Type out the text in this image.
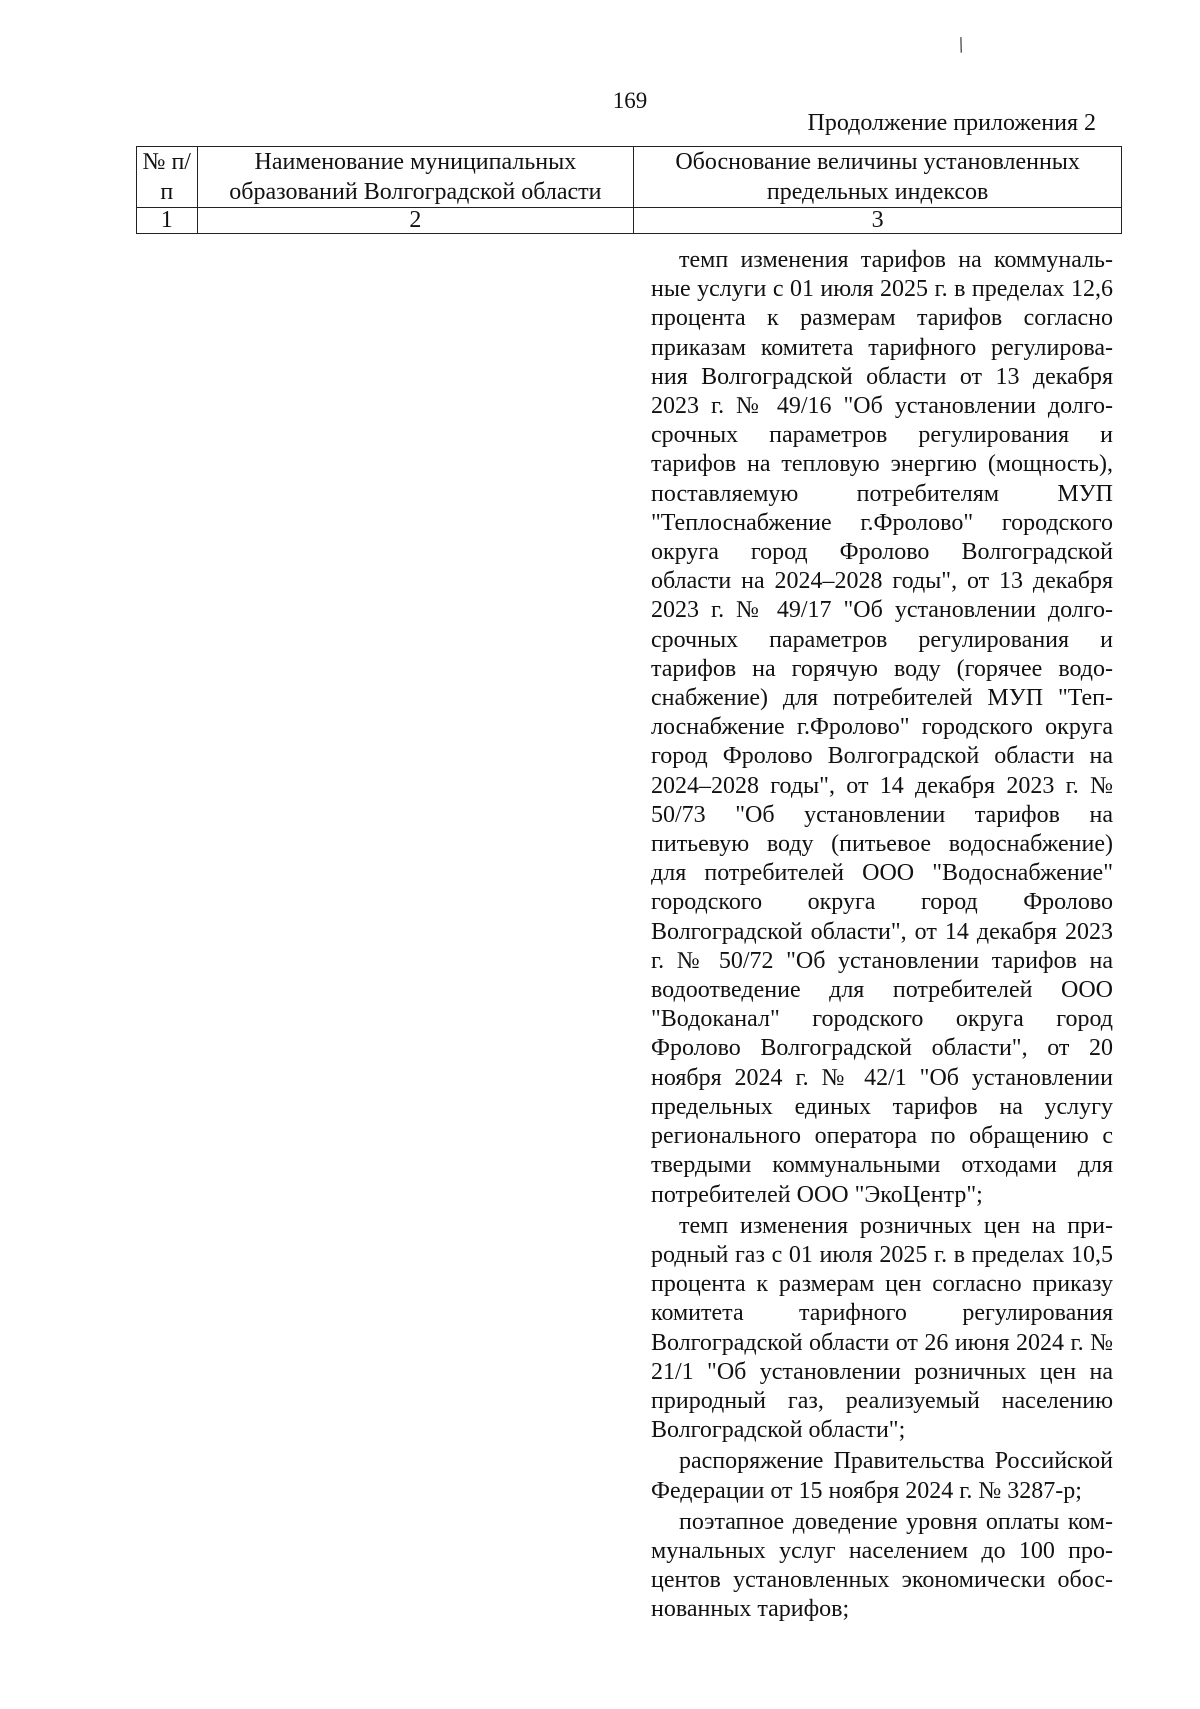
/
169
Продолжение приложения 2
№ п/п	Наименование муниципальных образований Волгоградской области	Обоснование величины установленных предельных индексов
1	2	3

темп изменения тарифов на коммунальные услуги с 01 июля 2025 г. в пределах 12,6 процента к размерам тарифов согласно приказам комитета тарифного регулирования Волгоградской области от 13 декабря 2023 г. № 49/16 "Об установлении долгосрочных параметров регулирования и тарифов на тепловую энергию (мощность), поставляемую потребителям МУП "Теплоснабжение г.Фролово" городского округа город Фролово Волгоградской области на 2024–2028 годы", от 13 декабря 2023 г. № 49/17 "Об установлении долгосрочных параметров регулирования и тарифов на горячую воду (горячее водоснабжение) для потребителей МУП "Теплоснабжение г.Фролово" городского округа город Фролово Волгоградской области на 2024–2028 годы", от 14 декабря 2023 г. № 50/73 "Об установлении тарифов на питьевую воду (питьевое водоснабжение) для потребителей ООО "Водоснабжение" городского округа город Фролово Волгоградской области", от 14 декабря 2023 г. № 50/72 "Об установлении тарифов на водоотведение для потребителей ООО "Водоканал" городского округа город Фролово Волгоградской области", от 20 ноября 2024 г. № 42/1 "Об установлении предельных единых тарифов на услугу регионального оператора по обращению с твердыми коммунальными отходами для потребителей ООО "ЭкоЦентр";

темп изменения розничных цен на природный газ с 01 июля 2025 г. в пределах 10,5 процента к размерам цен согласно приказу комитета тарифного регулирования Волгоградской области от 26 июня 2024 г. № 21/1 "Об установлении розничных цен на природный газ, реализуемый населению Волгоградской области";

распоряжение Правительства Российской Федерации от 15 ноября 2024 г. № 3287-р;

поэтапное доведение уровня оплаты коммунальных услуг населением до 100 процентов установленных экономически обоснованных тарифов;
